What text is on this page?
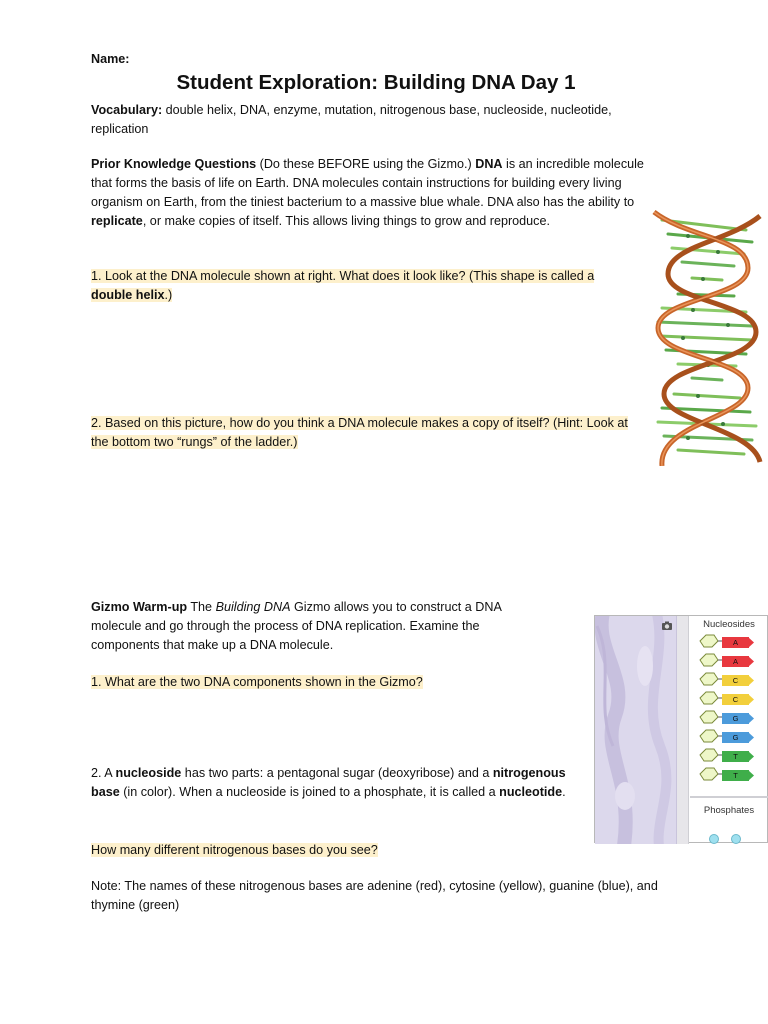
Name:
Student Exploration: Building DNA Day 1
Vocabulary: double helix, DNA, enzyme, mutation, nitrogenous base, nucleoside, nucleotide, replication
Prior Knowledge Questions (Do these BEFORE using the Gizmo.) DNA is an incredible molecule that forms the basis of life on Earth. DNA molecules contain instructions for building every living organism on Earth, from the tiniest bacterium to a massive blue whale. DNA also has the ability to replicate, or make copies of itself. This allows living things to grow and reproduce.
1. Look at the DNA molecule shown at right. What does it look like? (This shape is called a double helix.)
2. Based on this picture, how do you think a DNA molecule makes a copy of itself? (Hint: Look at the bottom two “rungs” of the ladder.)
Gizmo Warm-up The Building DNA Gizmo allows you to construct a DNA molecule and go through the process of DNA replication. Examine the components that make up a DNA molecule.
1. What are the two DNA components shown in the Gizmo?
2. A nucleoside has two parts: a pentagonal sugar (deoxyribose) and a nitrogenous base (in color). When a nucleoside is joined to a phosphate, it is called a nucleotide.
How many different nitrogenous bases do you see?
Note: The names of these nitrogenous bases are adenine (red), cytosine (yellow), guanine (blue), and thymine (green)
Nucleosides
A
A
C
C
G
G
T
T
Phosphates
